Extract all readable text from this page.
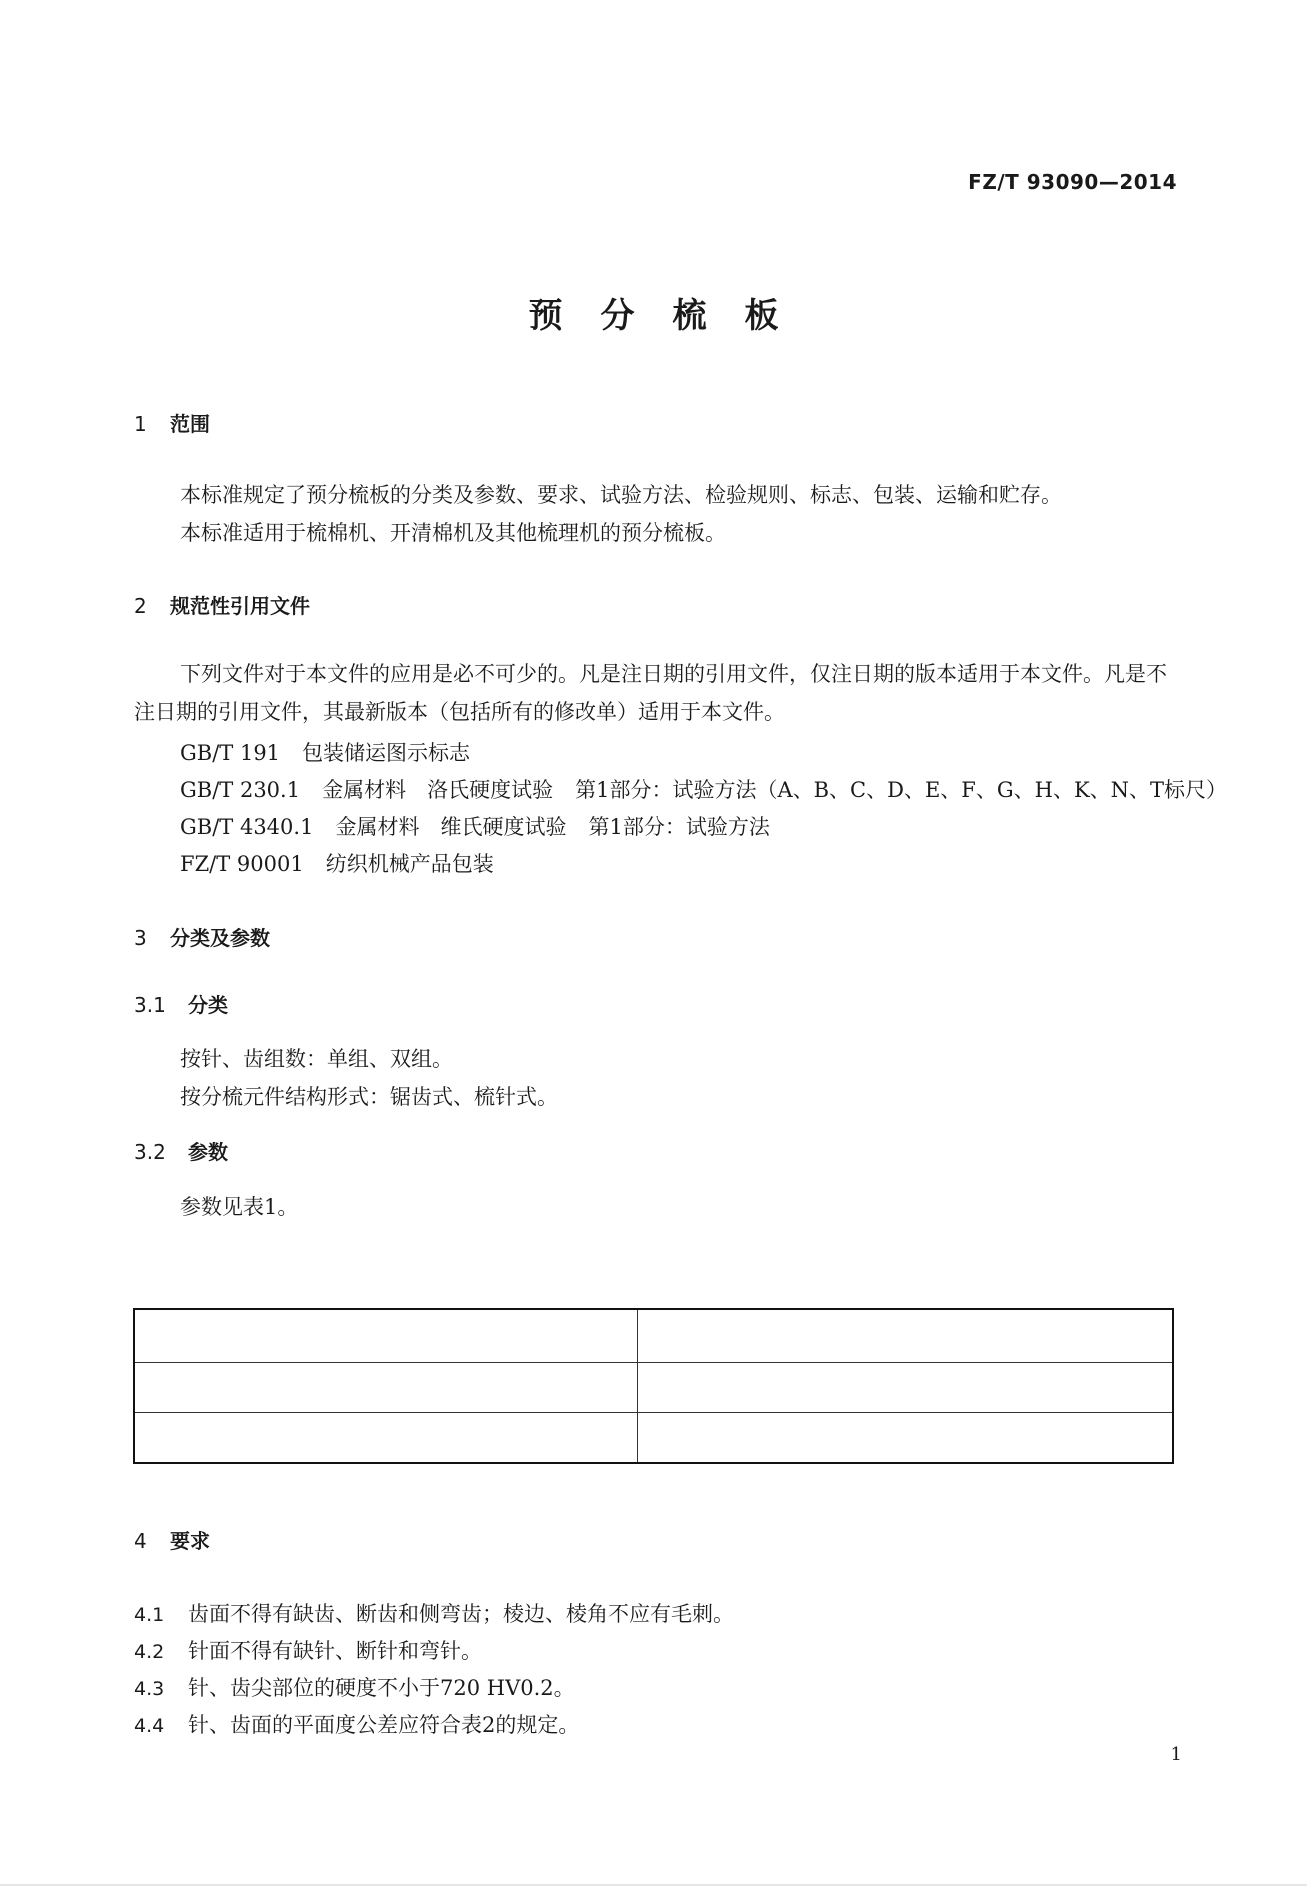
FZ/T 93090—2014
预分梳板
1 范围
本标准规定了预分梳板的分类及参数、要求、试验方法、检验规则、标志、包装、运输和贮存。
本标准适用于梳棉机、开清棉机及其他梳理机的预分梳板。
2 规范性引用文件
下列文件对于本文件的应用是必不可少的。凡是注日期的引用文件，仅注日期的版本适用于本文件。凡是不注日期的引用文件，其最新版本（包括所有的修改单）适用于本文件。
GB/T 191 包装储运图示标志
GB/T 230.1 金属材料　洛氏硬度试验 第1部分：试验方法（A、B、C、D、E、F、G、H、K、N、T标尺）
GB/T 4340.1 金属材料　维氏硬度试验 第1部分：试验方法
FZ/T 90001 纺织机械产品包装
3 分类及参数
3.1 分类
按针、齿组数：单组、双组。
按分梳元件结构形式：锯齿式、梳针式。
3.2 参数
参数见表1。

4 要求
4.1 齿面不得有缺齿、断齿和侧弯齿；棱边、棱角不应有毛刺。
4.2 针面不得有缺针、断针和弯针。
4.3 针、齿尖部位的硬度不小于720 HV0.2。
4.4 针、齿面的平面度公差应符合表2的规定。
1
